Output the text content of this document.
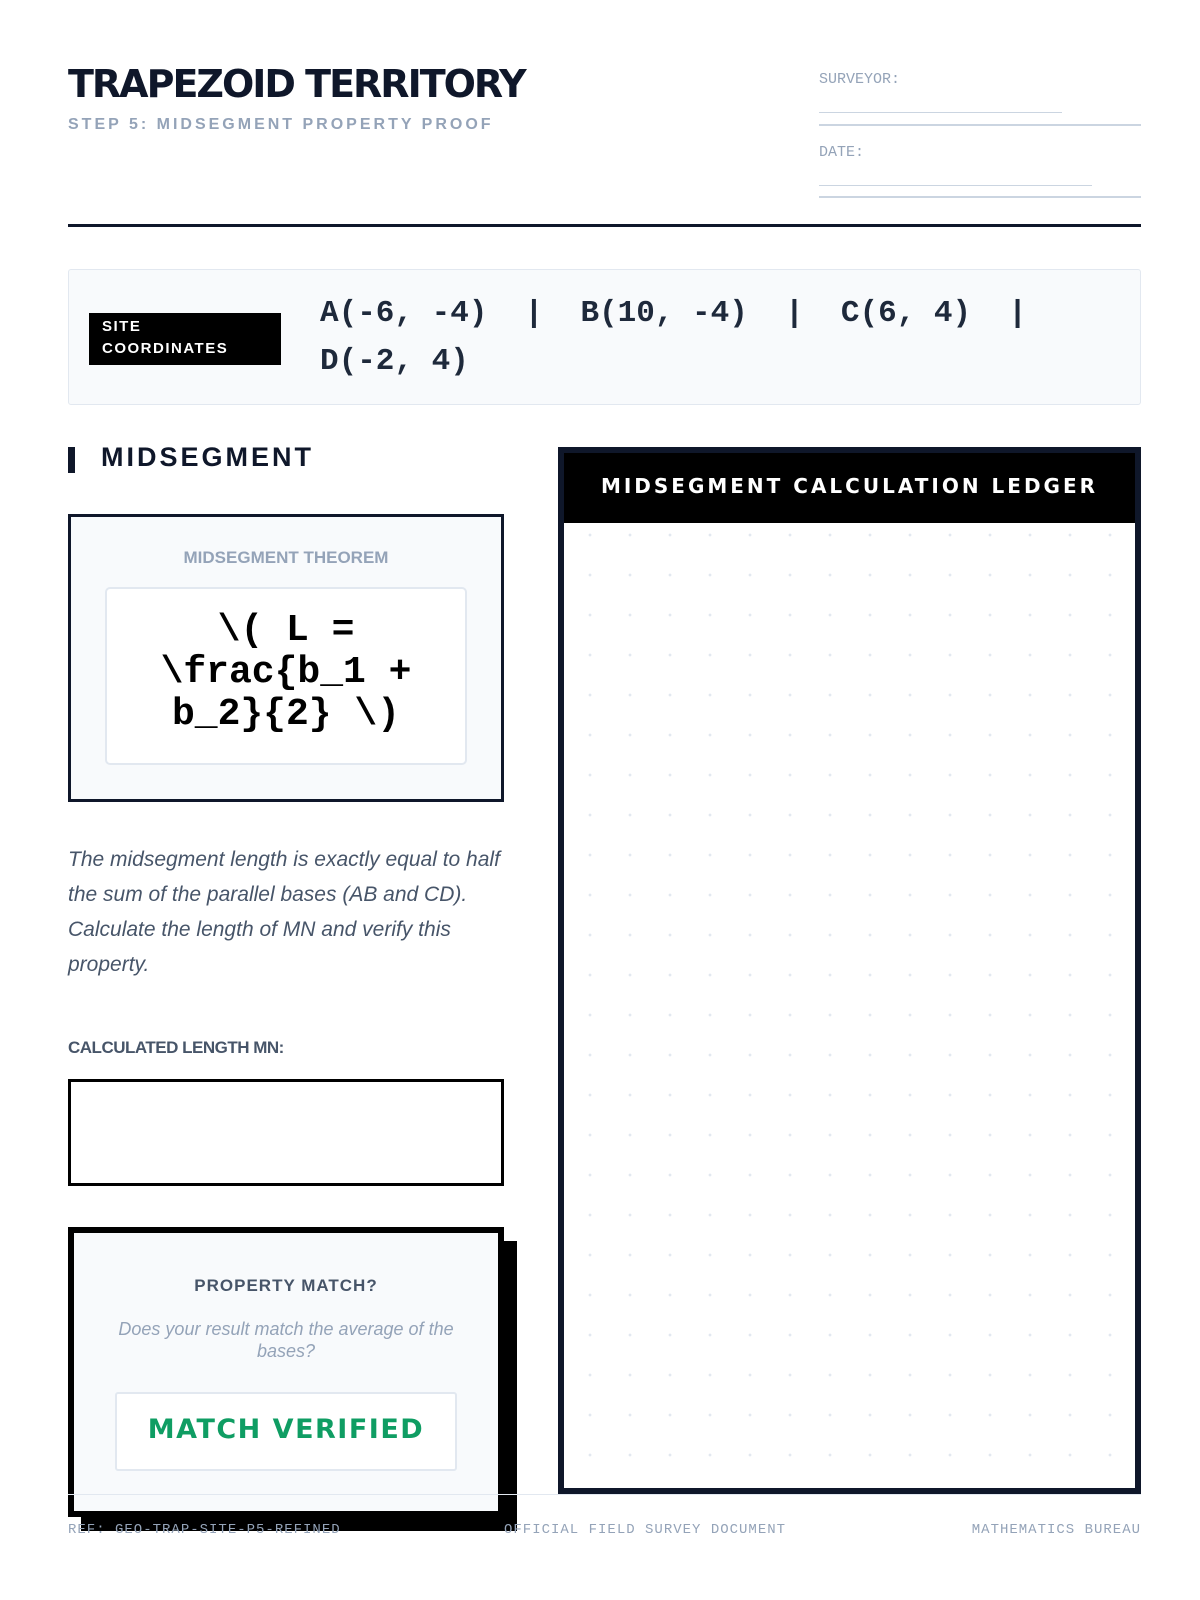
TRAPEZOID TERRITORY
STEP 5: MIDSEGMENT PROPERTY PROOF
SURVEYOR:
DATE:
SITE COORDINATES
A(-6, -4)  |  B(10, -4)  |  C(6, 4)  |  D(-2, 4)
MIDSEGMENT
MIDSEGMENT THEOREM
\( L = \frac{b_1 + b_2}{2} \)
The midsegment length is exactly equal to half the sum of the parallel bases (AB and CD). Calculate the length of MN and verify this property.
CALCULATED LENGTH MN:
PROPERTY MATCH?
Does your result match the average of the bases?
MATCH VERIFIED
MIDSEGMENT CALCULATION LEDGER
REF: GEO-TRAP-SITE-P5-REFINED	OFFICIAL FIELD SURVEY DOCUMENT	MATHEMATICS BUREAU
